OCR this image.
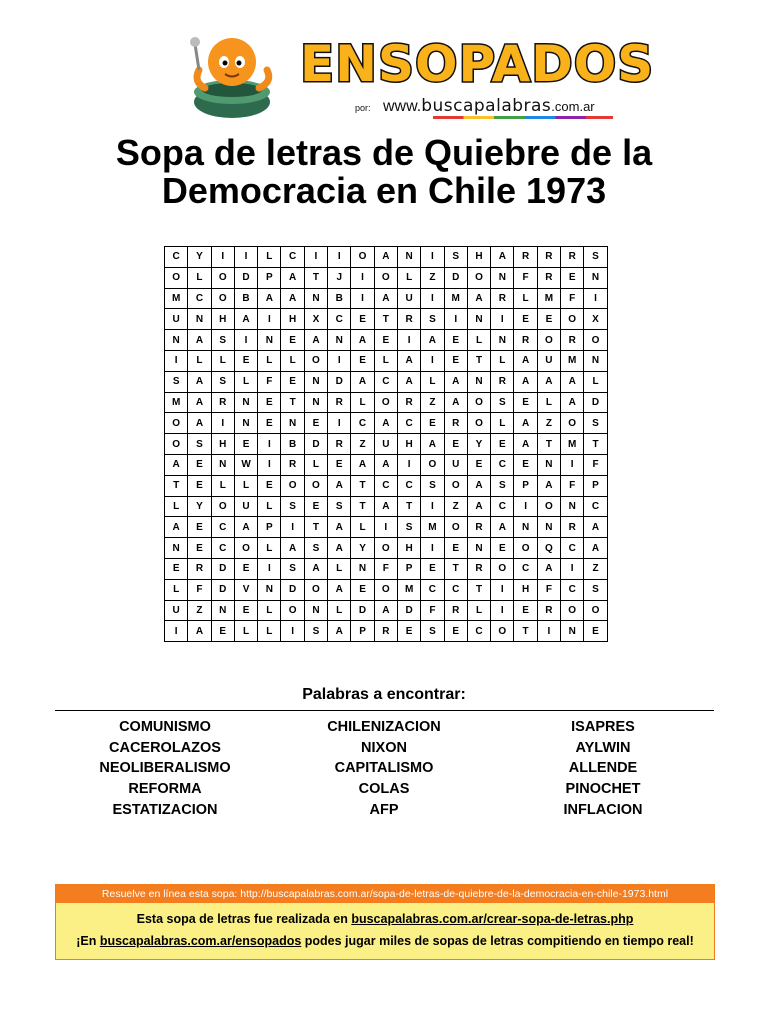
ENSOPADOS
por: www.buscapalabras.com.ar
Sopa de letras de Quiebre de la
Democracia en Chile 1973
C	Y	I	I	L	C	I	I	O	A	N	I	S	H	A	R	R	R	S
O	L	O	D	P	A	T	J	I	O	L	Z	D	O	N	F	R	E	N
M	C	O	B	A	A	N	B	I	A	U	I	M	A	R	L	M	F	I
U	N	H	A	I	H	X	C	E	T	R	S	I	N	I	E	E	O	X
N	A	S	I	N	E	A	N	A	E	I	A	E	L	N	R	O	R	O
I	L	L	E	L	L	O	I	E	L	A	I	E	T	L	A	U	M	N
S	A	S	L	F	E	N	D	A	C	A	L	A	N	R	A	A	A	L
M	A	R	N	E	T	N	R	L	O	R	Z	A	O	S	E	L	A	D
O	A	I	N	E	N	E	I	C	A	C	E	R	O	L	A	Z	O	S
O	S	H	E	I	B	D	R	Z	U	H	A	E	Y	E	A	T	M	T
A	E	N	W	I	R	L	E	A	A	I	O	U	E	C	E	N	I	F
T	E	L	L	E	O	O	A	T	C	C	S	O	A	S	P	A	F	P
L	Y	O	U	L	S	E	S	T	A	T	I	Z	A	C	I	O	N	C
A	E	C	A	P	I	T	A	L	I	S	M	O	R	A	N	N	R	A
N	E	C	O	L	A	S	A	Y	O	H	I	E	N	E	O	Q	C	A
E	R	D	E	I	S	A	L	N	F	P	E	T	R	O	C	A	I	Z
L	F	D	V	N	D	O	A	E	O	M	C	C	T	I	H	F	C	S
U	Z	N	E	L	O	N	L	D	A	D	F	R	L	I	E	R	O	O
I	A	E	L	L	I	S	A	P	R	E	S	E	C	O	T	I	N	E
Palabras a encontrar:
COMUNISMO
CACEROLAZOS
NEOLIBERALISMO
REFORMA
ESTATIZACION
CHILENIZACION
NIXON
CAPITALISMO
COLAS
AFP
ISAPRES
AYLWIN
ALLENDE
PINOCHET
INFLACION
Resuelve en línea esta sopa: http://buscapalabras.com.ar/sopa-de-letras-de-quiebre-de-la-democracia-en-chile-1973.html
Esta sopa de letras fue realizada en buscapalabras.com.ar/crear-sopa-de-letras.php
¡En buscapalabras.com.ar/ensopados podes jugar miles de sopas de letras compitiendo en tiempo real!
